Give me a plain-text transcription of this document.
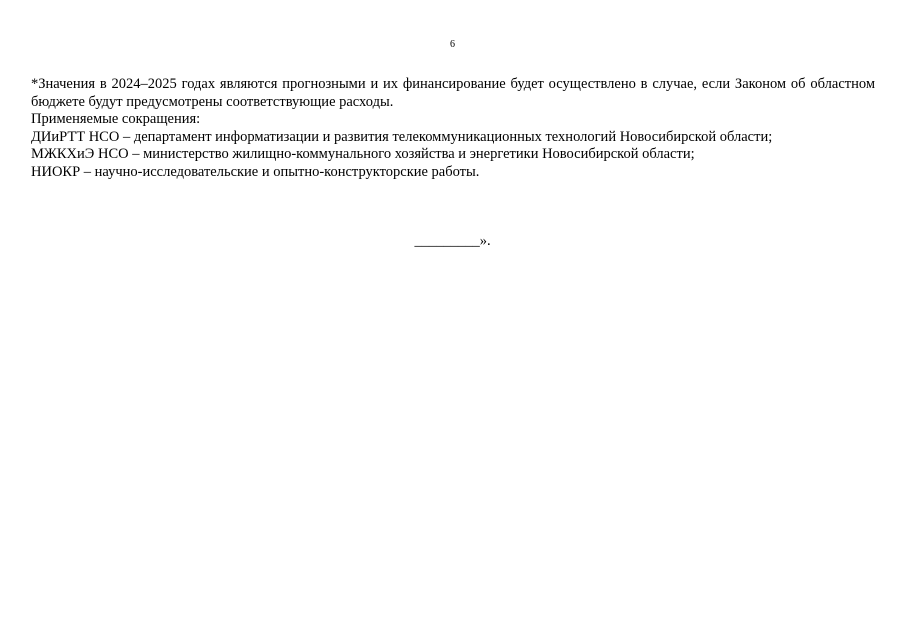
6

*Значения в 2024–2025 годах являются прогнозными и их финансирование будет осуществлено в случае, если Законом об областном бюджете будут предусмотрены соответствующие расходы.

Применяемые сокращения:

ДИиРТТ НСО – департамент информатизации и развития телекоммуникационных технологий Новосибирской области;

МЖКХиЭ НСО – министерство жилищно-коммунального хозяйства и энергетики Новосибирской области;

НИОКР – научно-исследовательские и опытно-конструкторские работы.

_________».
